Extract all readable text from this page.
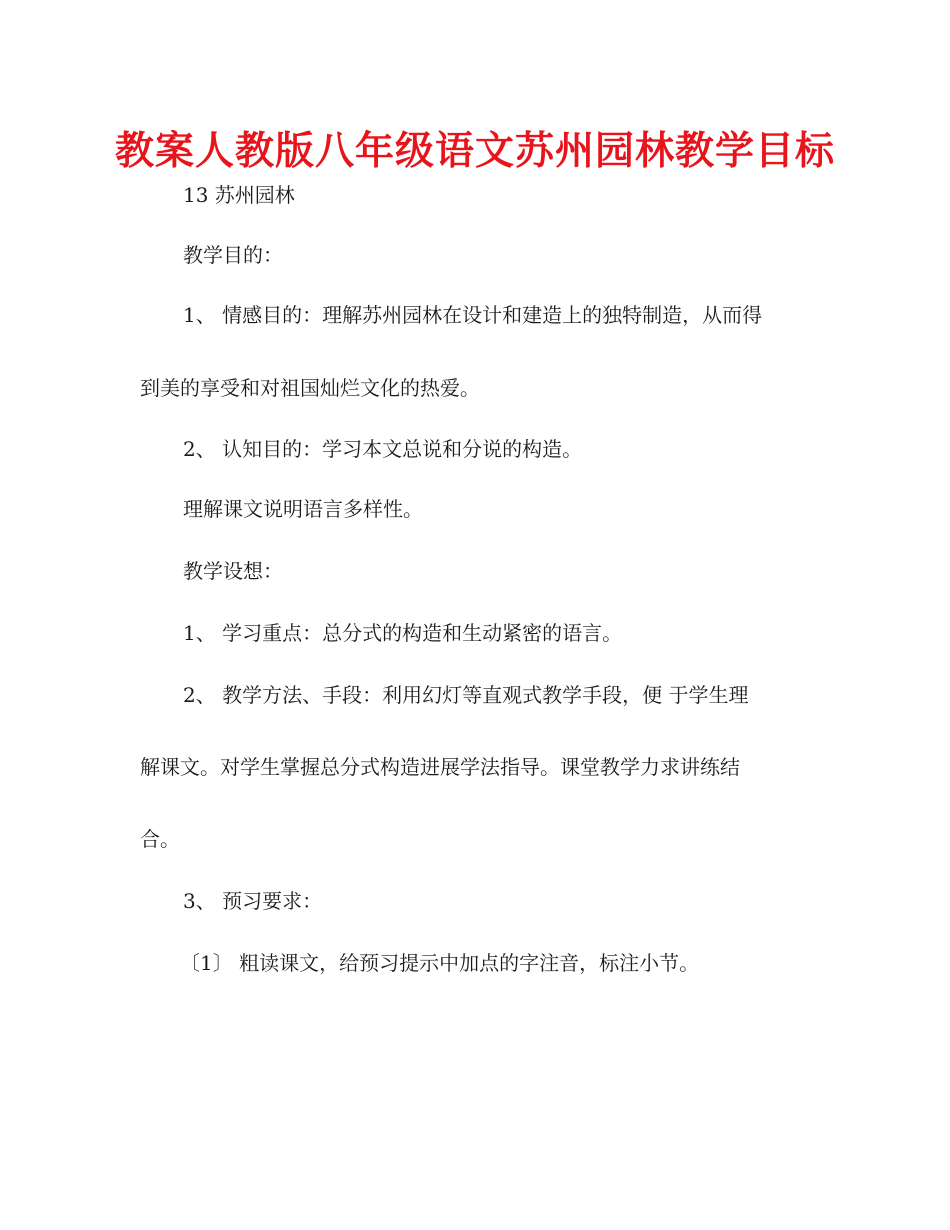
教案人教版八年级语文苏州园林教学目标
13 苏州园林
教学目的：
1、 情感目的：理解苏州园林在设计和建造上的独特制造，从而得
到美的享受和对祖国灿烂文化的热爱。
2、 认知目的：学习本文总说和分说的构造。
理解课文说明语言多样性。
教学设想：
1、 学习重点：总分式的构造和生动紧密的语言。
2、 教学方法、手段：利用幻灯等直观式教学手段，便 于学生理
解课文。对学生掌握总分式构造进展学法指导。课堂教学力求讲练结
合。
3、 预习要求：
〔1〕 粗读课文，给预习提示中加点的字注音，标注小节。
